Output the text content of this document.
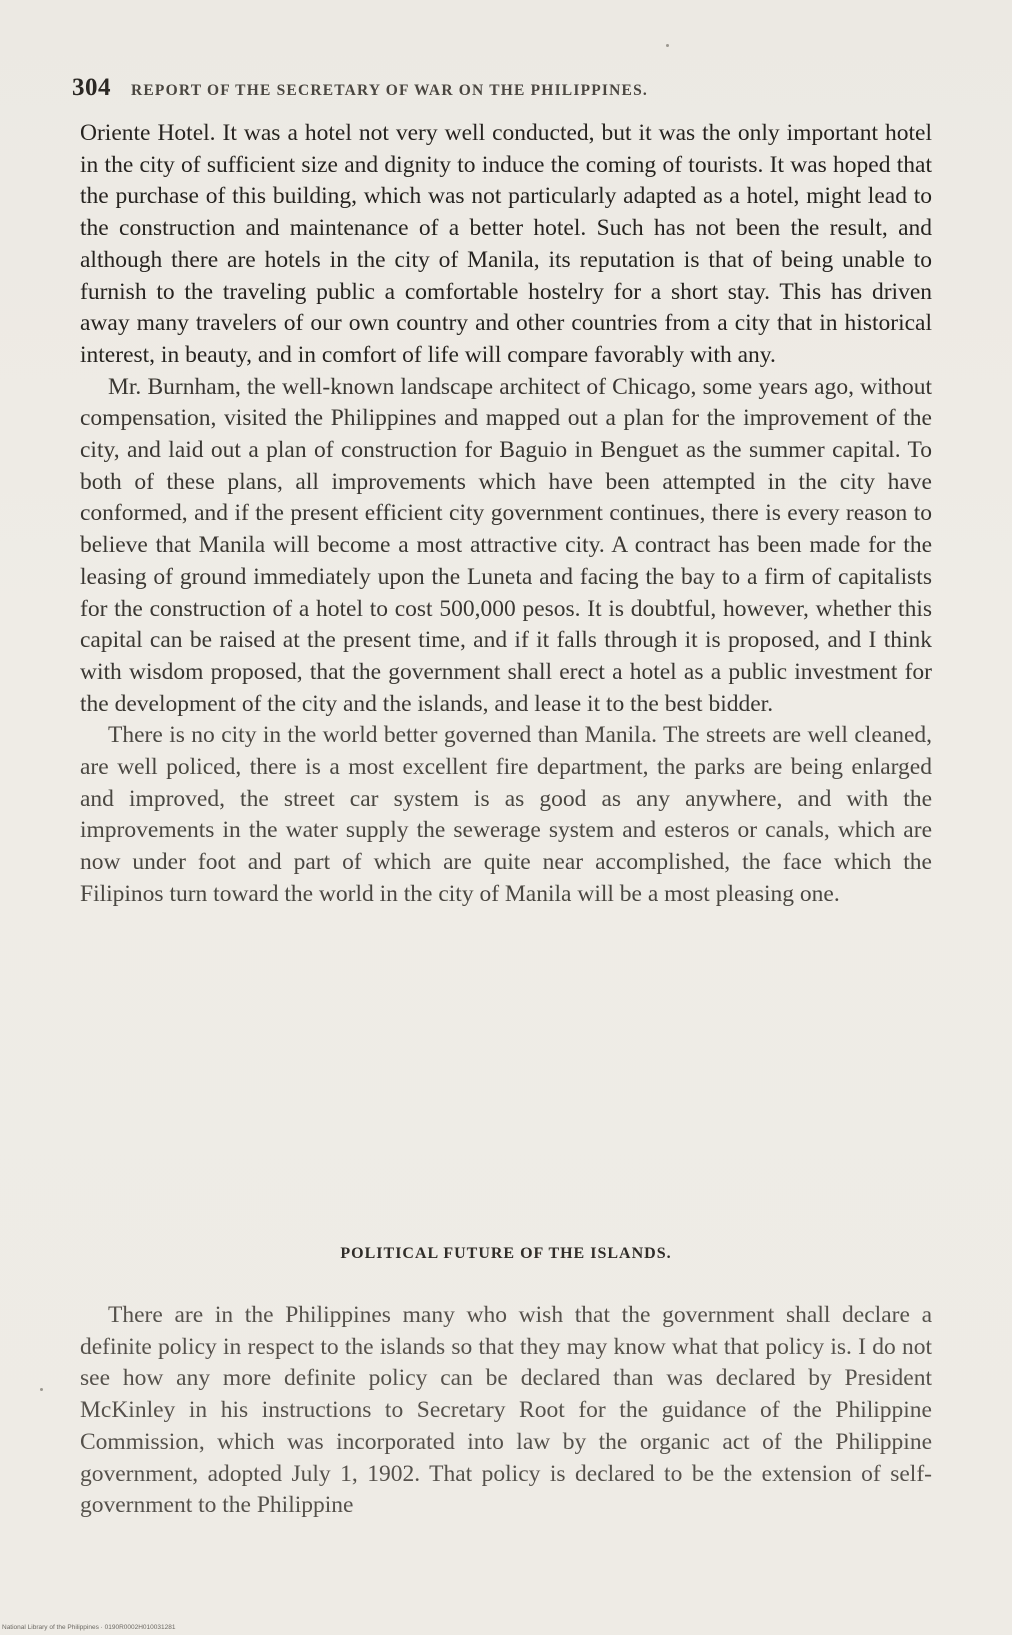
304 REPORT OF THE SECRETARY OF WAR ON THE PHILIPPINES.

Oriente Hotel. It was a hotel not very well conducted, but it was the only important hotel in the city of sufficient size and dignity to induce the coming of tourists. It was hoped that the purchase of this building, which was not particularly adapted as a hotel, might lead to the construction and maintenance of a better hotel. Such has not been the result, and although there are hotels in the city of Manila, its reputation is that of being unable to furnish to the traveling public a comfortable hostelry for a short stay. This has driven away many travelers of our own country and other countries from a city that in historical interest, in beauty, and in comfort of life will compare favorably with any.

Mr. Burnham, the well-known landscape architect of Chicago, some years ago, without compensation, visited the Philippines and mapped out a plan for the improvement of the city, and laid out a plan of construction for Baguio in Benguet as the summer capital. To both of these plans, all improvements which have been attempted in the city have conformed, and if the present efficient city government continues, there is every reason to believe that Manila will become a most attractive city. A contract has been made for the leasing of ground immediately upon the Luneta and facing the bay to a firm of capitalists for the construction of a hotel to cost 500,000 pesos. It is doubtful, however, whether this capital can be raised at the present time, and if it falls through it is proposed, and I think with wisdom proposed, that the government shall erect a hotel as a public investment for the development of the city and the islands, and lease it to the best bidder.

There is no city in the world better governed than Manila. The streets are well cleaned, are well policed, there is a most excellent fire department, the parks are being enlarged and improved, the street car system is as good as any anywhere, and with the improvements in the water supply the sewerage system and esteros or canals, which are now under foot and part of which are quite near accomplished, the face which the Filipinos turn toward the world in the city of Manila will be a most pleasing one.

POLITICAL FUTURE OF THE ISLANDS.

There are in the Philippines many who wish that the government shall declare a definite policy in respect to the islands so that they may know what that policy is. I do not see how any more definite policy can be declared than was declared by President McKinley in his instructions to Secretary Root for the guidance of the Philippine Commission, which was incorporated into law by the organic act of the Philippine government, adopted July 1, 1902. That policy is declared to be the extension of self-government to the Philippine

National Library of the Philippines · 0190R0002H010031281
